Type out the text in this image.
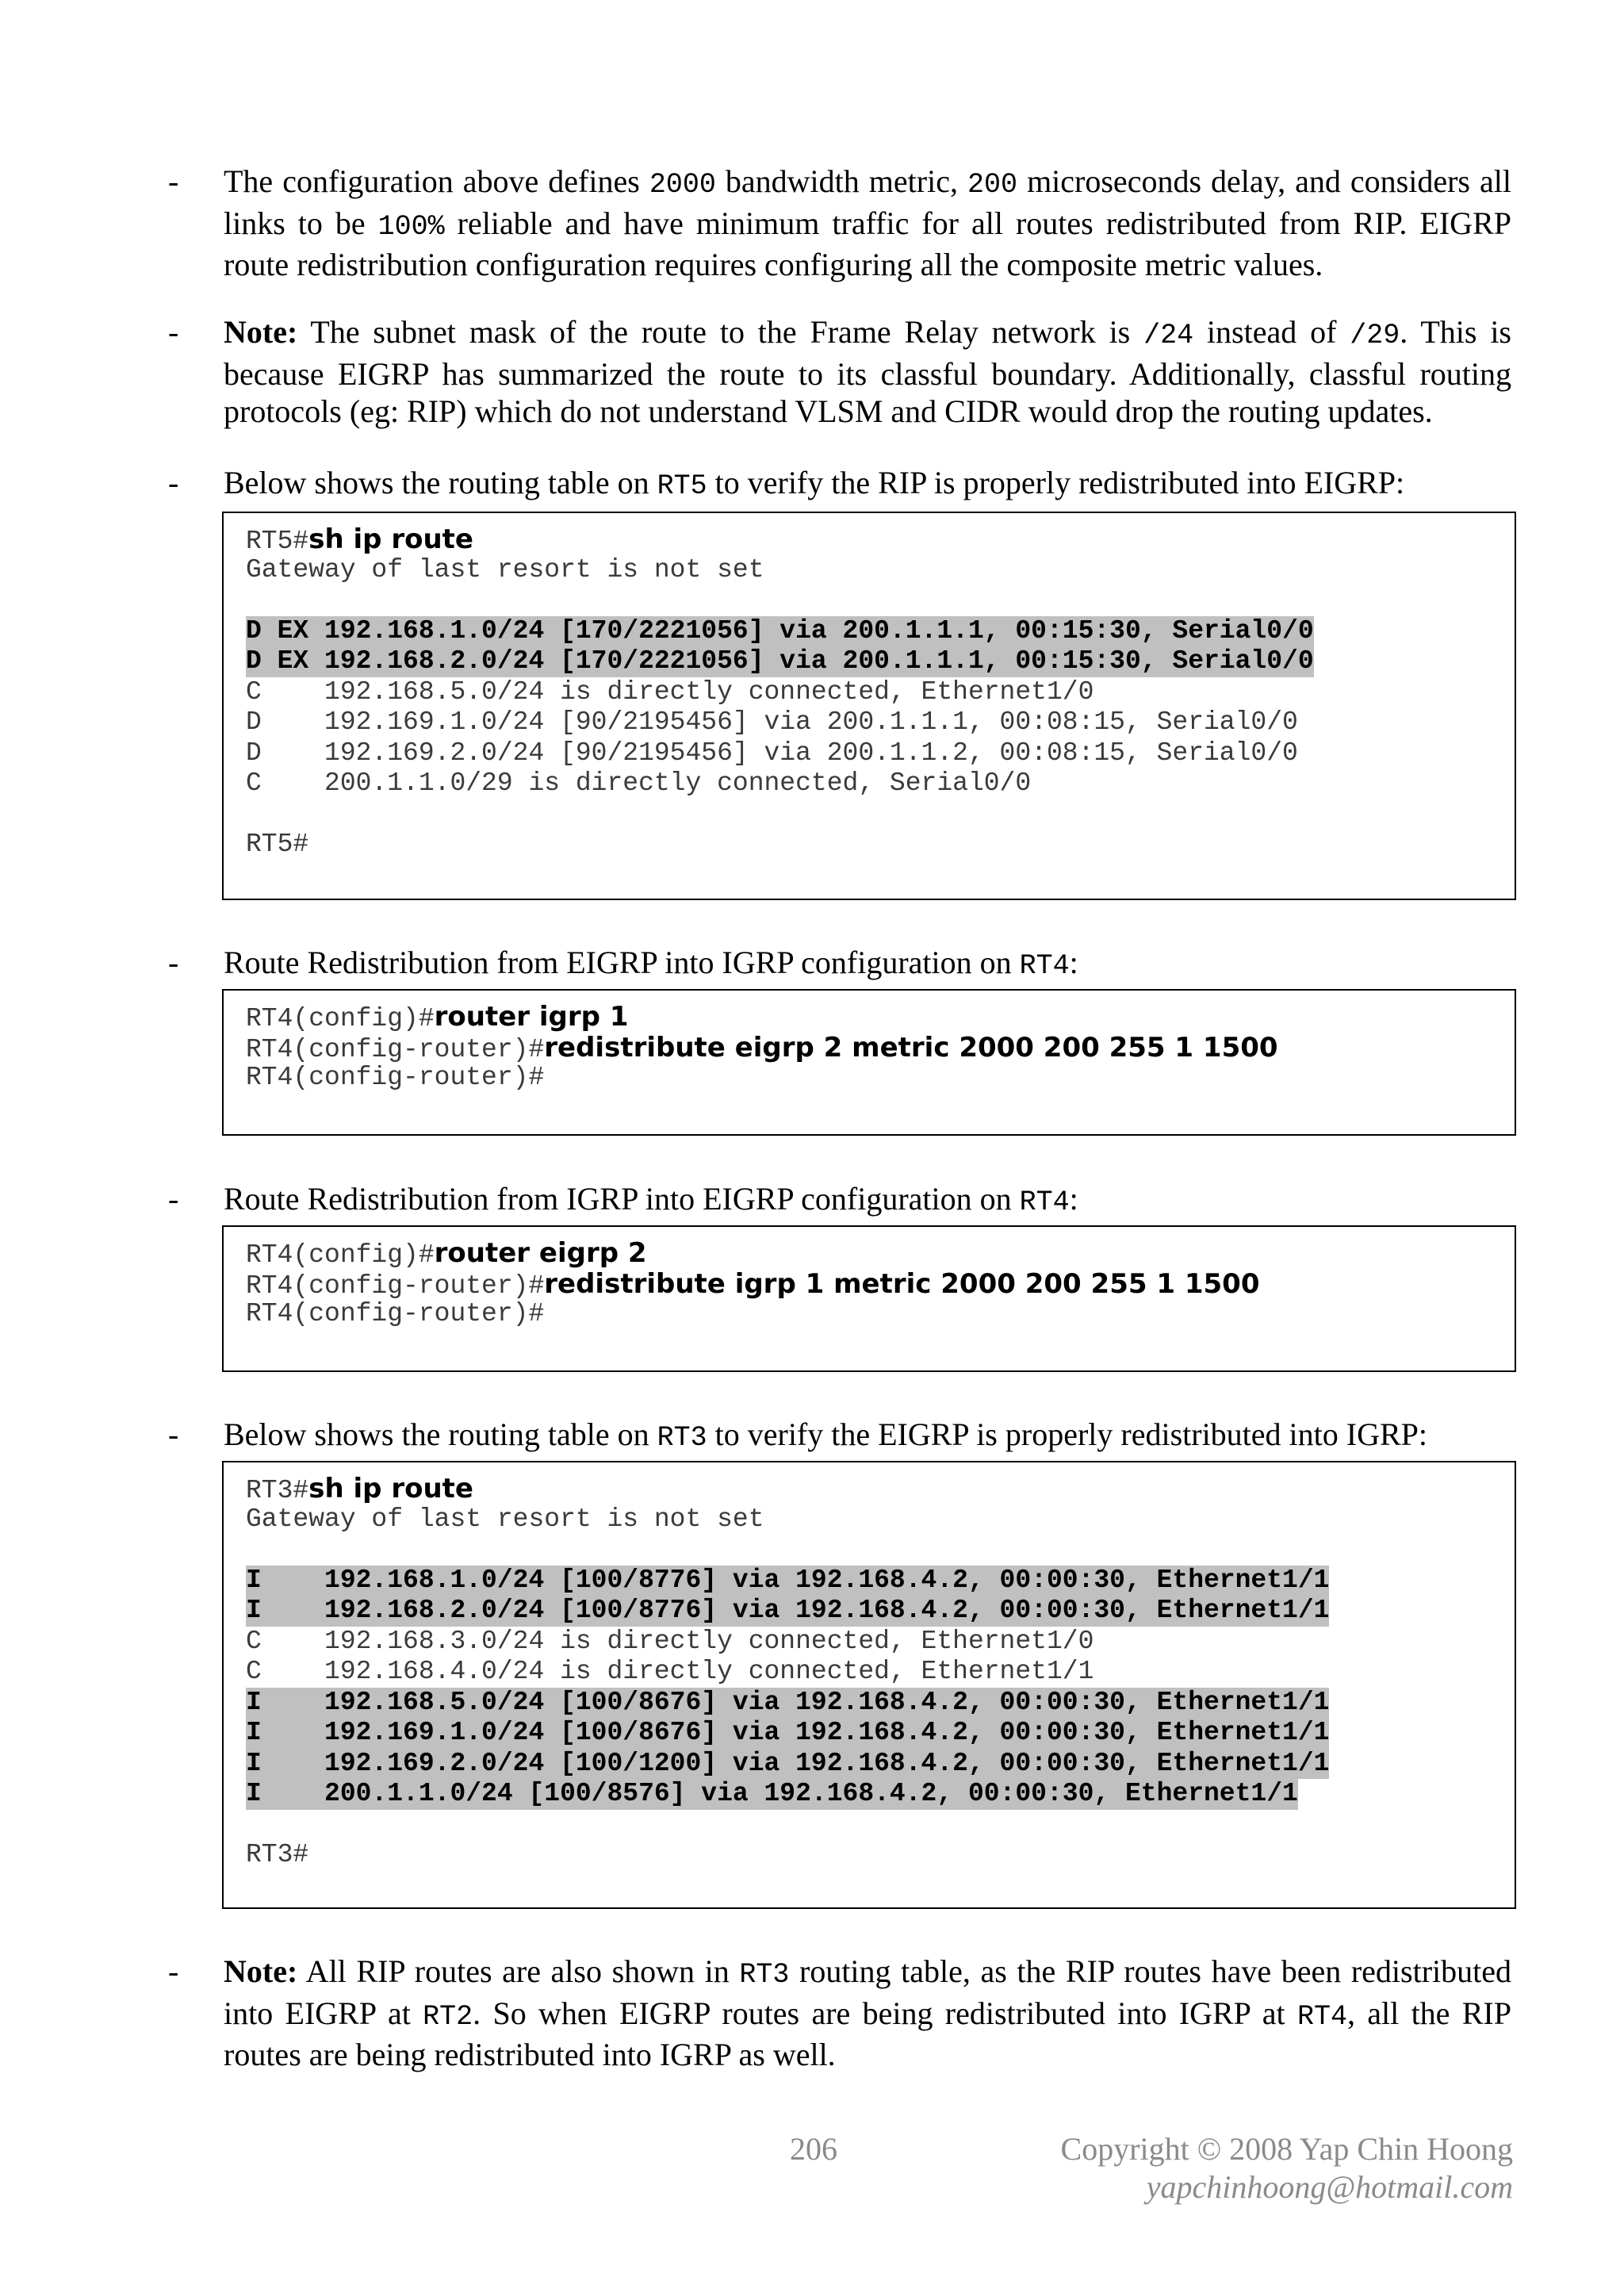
-	The configuration above defines 2000 bandwidth metric, 200 microseconds delay, and considers all links to be 100% reliable and have minimum traffic for all routes redistributed from RIP. EIGRP route redistribution configuration requires configuring all the composite metric values.
-	Note: The subnet mask of the route to the Frame Relay network is /24 instead of /29. This is because EIGRP has summarized the route to its classful boundary. Additionally, classful routing protocols (eg: RIP) which do not understand VLSM and CIDR would drop the routing updates.
-	Below shows the routing table on RT5 to verify the RIP is properly redistributed into EIGRP:
RT5#sh ip route
Gateway of last resort is not set
D EX 192.168.1.0/24 [170/2221056] via 200.1.1.1, 00:15:30, Serial0/0
D EX 192.168.2.0/24 [170/2221056] via 200.1.1.1, 00:15:30, Serial0/0
C    192.168.5.0/24 is directly connected, Ethernet1/0
D    192.169.1.0/24 [90/2195456] via 200.1.1.1, 00:08:15, Serial0/0
D    192.169.2.0/24 [90/2195456] via 200.1.1.2, 00:08:15, Serial0/0
C    200.1.1.0/29 is directly connected, Serial0/0
RT5#
-	Route Redistribution from EIGRP into IGRP configuration on RT4:
RT4(config)#router igrp 1
RT4(config-router)#redistribute eigrp 2 metric 2000 200 255 1 1500
RT4(config-router)#
-	Route Redistribution from IGRP into EIGRP configuration on RT4:
RT4(config)#router eigrp 2
RT4(config-router)#redistribute igrp 1 metric 2000 200 255 1 1500
RT4(config-router)#
-	Below shows the routing table on RT3 to verify the EIGRP is properly redistributed into IGRP:
RT3#sh ip route
Gateway of last resort is not set
I    192.168.1.0/24 [100/8776] via 192.168.4.2, 00:00:30, Ethernet1/1
I    192.168.2.0/24 [100/8776] via 192.168.4.2, 00:00:30, Ethernet1/1
C    192.168.3.0/24 is directly connected, Ethernet1/0
C    192.168.4.0/24 is directly connected, Ethernet1/1
I    192.168.5.0/24 [100/8676] via 192.168.4.2, 00:00:30, Ethernet1/1
I    192.169.1.0/24 [100/8676] via 192.168.4.2, 00:00:30, Ethernet1/1
I    192.169.2.0/24 [100/1200] via 192.168.4.2, 00:00:30, Ethernet1/1
I    200.1.1.0/24 [100/8576] via 192.168.4.2, 00:00:30, Ethernet1/1
RT3#
-	Note: All RIP routes are also shown in RT3 routing table, as the RIP routes have been redistributed into EIGRP at RT2. So when EIGRP routes are being redistributed into IGRP at RT4, all the RIP routes are being redistributed into IGRP as well.
206	Copyright © 2008 Yap Chin Hoong
yapchinhoong@hotmail.com
